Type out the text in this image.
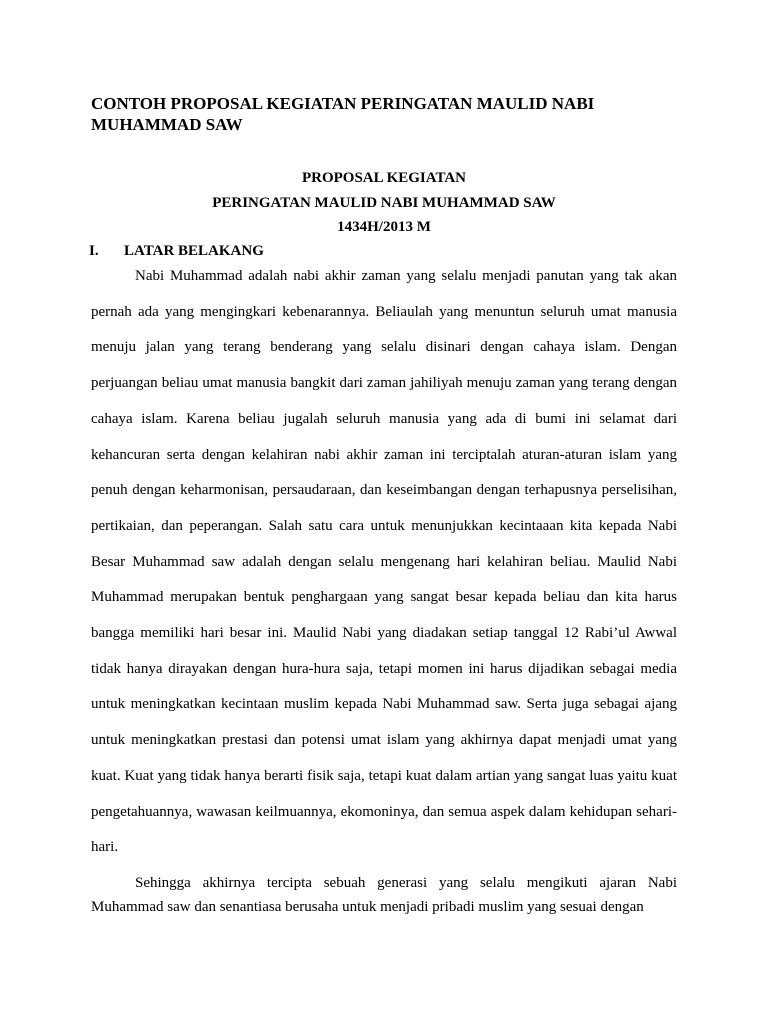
CONTOH PROPOSAL KEGIATAN PERINGATAN MAULID NABI MUHAMMAD SAW

PROPOSAL KEGIATAN

PERINGATAN MAULID NABI MUHAMMAD SAW

1434H/2013 M

I. LATAR BELAKANG

Nabi Muhammad adalah nabi akhir zaman yang selalu menjadi panutan yang tak akan pernah ada yang mengingkari kebenarannya. Beliaulah yang menuntun seluruh umat manusia menuju jalan yang terang benderang yang selalu disinari dengan cahaya islam. Dengan perjuangan beliau umat manusia bangkit dari zaman jahiliyah menuju zaman yang terang dengan cahaya islam. Karena beliau jugalah seluruh manusia yang ada di bumi ini selamat dari kehancuran serta dengan kelahiran nabi akhir zaman ini terciptalah aturan-aturan islam yang penuh dengan keharmonisan, persaudaraan, dan keseimbangan dengan terhapusnya perselisihan, pertikaian, dan peperangan. Salah satu cara untuk menunjukkan kecintaaan kita kepada Nabi Besar Muhammad saw adalah dengan selalu mengenang hari kelahiran beliau. Maulid Nabi Muhammad merupakan bentuk penghargaan yang sangat besar kepada beliau dan kita harus bangga memiliki hari besar ini. Maulid Nabi yang diadakan setiap tanggal 12 Rabi’ul Awwal tidak hanya dirayakan dengan hura-hura saja, tetapi momen ini harus dijadikan sebagai media untuk meningkatkan kecintaan muslim kepada Nabi Muhammad saw. Serta juga sebagai ajang untuk meningkatkan prestasi dan potensi umat islam yang akhirnya dapat menjadi umat yang kuat. Kuat yang tidak hanya berarti fisik saja, tetapi kuat dalam artian yang sangat luas yaitu kuat pengetahuannya, wawasan keilmuannya, ekomoninya, dan semua aspek dalam kehidupan sehari-hari.

Sehingga akhirnya tercipta sebuah generasi yang selalu mengikuti ajaran Nabi Muhammad saw dan senantiasa berusaha untuk menjadi pribadi muslim yang sesuai dengan
